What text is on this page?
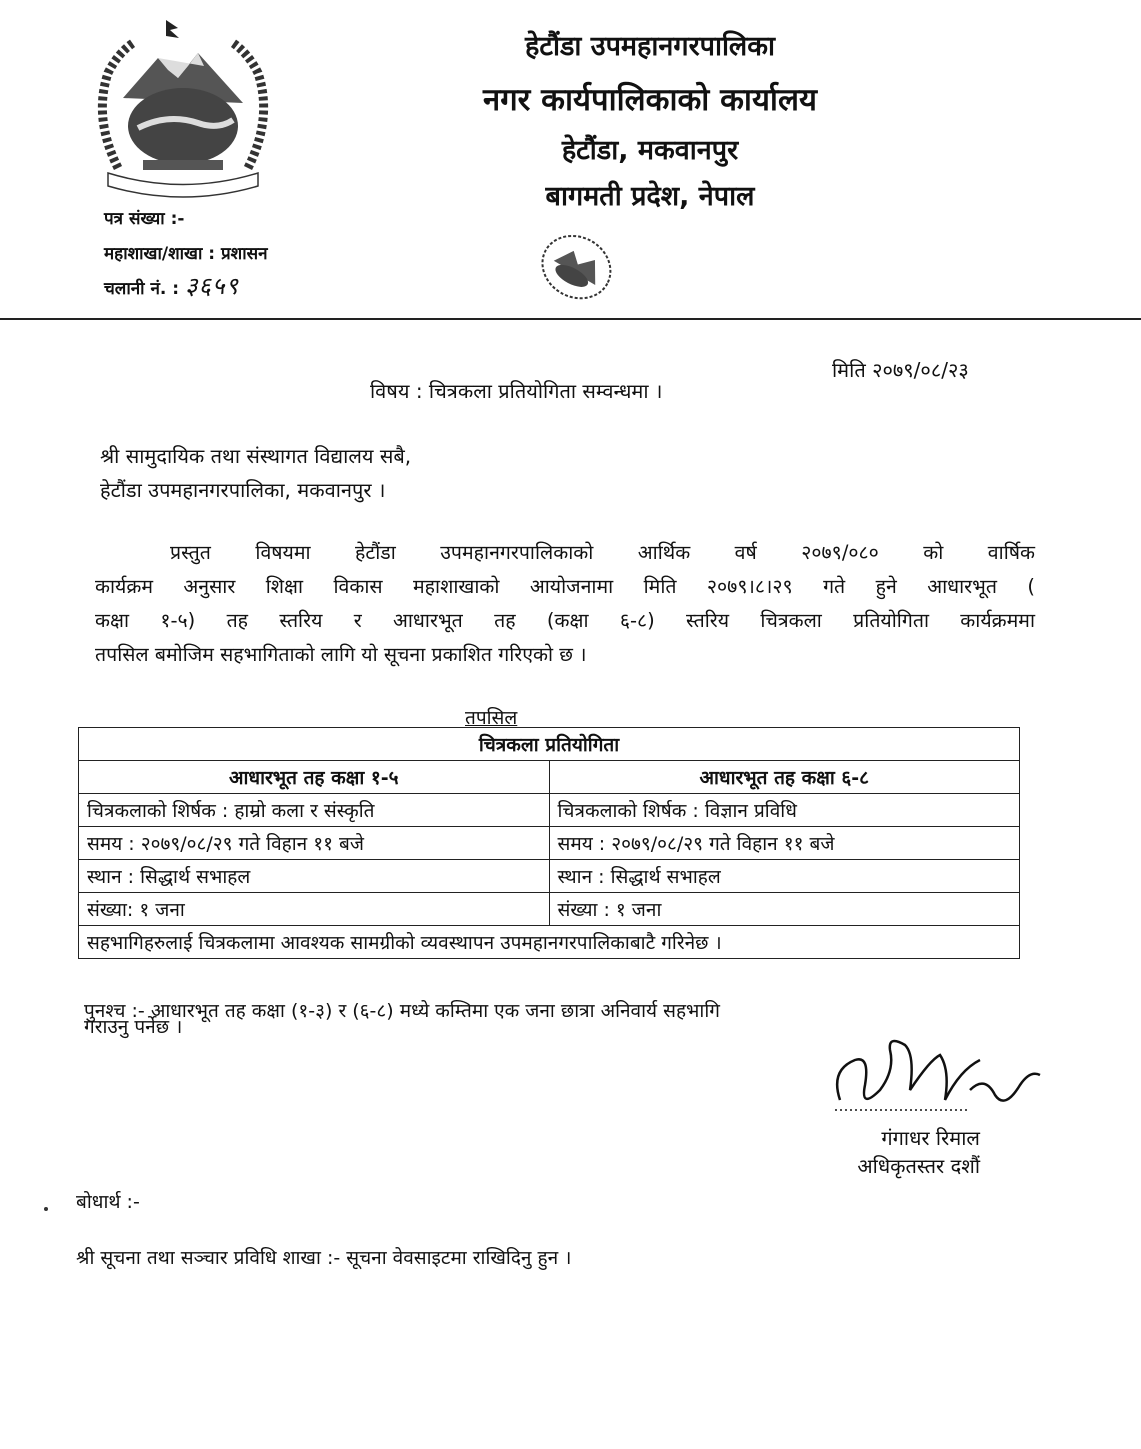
हेटौंडा उपमहानगरपालिका
नगर कार्यपालिकाको कार्यालय
हेटौंडा, मकवानपुर
बागमती प्रदेश, नेपाल
पत्र संख्या :-
महाशाखा/शाखा : प्रशासन
चलानी नं. : ३६५९
मिति २०७९/०८/२३
विषय : चित्रकला प्रतियोगिता सम्वन्धमा ।
श्री सामुदायिक तथा संस्थागत विद्यालय सबै,
हेटौंडा उपमहानगरपालिका, मकवानपुर ।

प्रस्तुत विषयमा हेटौंडा उपमहानगरपालिकाको आर्थिक वर्ष २०७९/०८० को वार्षिक

कार्यक्रम अनुसार शिक्षा विकास महाशाखाको आयोजनामा मिति २०७९।८।२९ गते हुने आधारभूत (

कक्षा १-५) तह स्तरिय र आधारभूत तह (कक्षा ६-८) स्तरिय चित्रकला प्रतियोगिता कार्यक्रममा

तपसिल बमोजिम सहभागिताको लागि यो सूचना प्रकाशित गरिएको छ ।

तपसिल
चित्रकला प्रतियोगिता	
आधारभूत तह कक्षा १-५	आधारभूत तह कक्षा ६-८
चित्रकलाको शिर्षक : हाम्रो कला र संस्कृति	चित्रकलाको शिर्षक : विज्ञान प्रविधि
समय : २०७९/०८/२९ गते विहान ११ बजे	समय : २०७९/०८/२९ गते विहान ११ बजे
स्थान : सिद्धार्थ सभाहल	स्थान : सिद्धार्थ सभाहल
संख्या: १ जना	संख्या : १ जना
सहभागिहरुलाई चित्रकलामा आवश्यक सामग्रीको व्यवस्थापन उपमहानगरपालिकाबाटै गरिनेछ ।	
पुनश्च :- आधारभूत तह कक्षा (१-३) र (६-८) मध्ये कम्तिमा एक जना छात्रा अनिवार्य सहभागि
गराउनु पर्नेछ ।
गंगाधर रिमाल
अधिकृतस्तर दशौं
बोधार्थ :-
श्री सूचना तथा सञ्चार प्रविधि शाखा :- सूचना वेवसाइटमा राखिदिनु हुन ।
